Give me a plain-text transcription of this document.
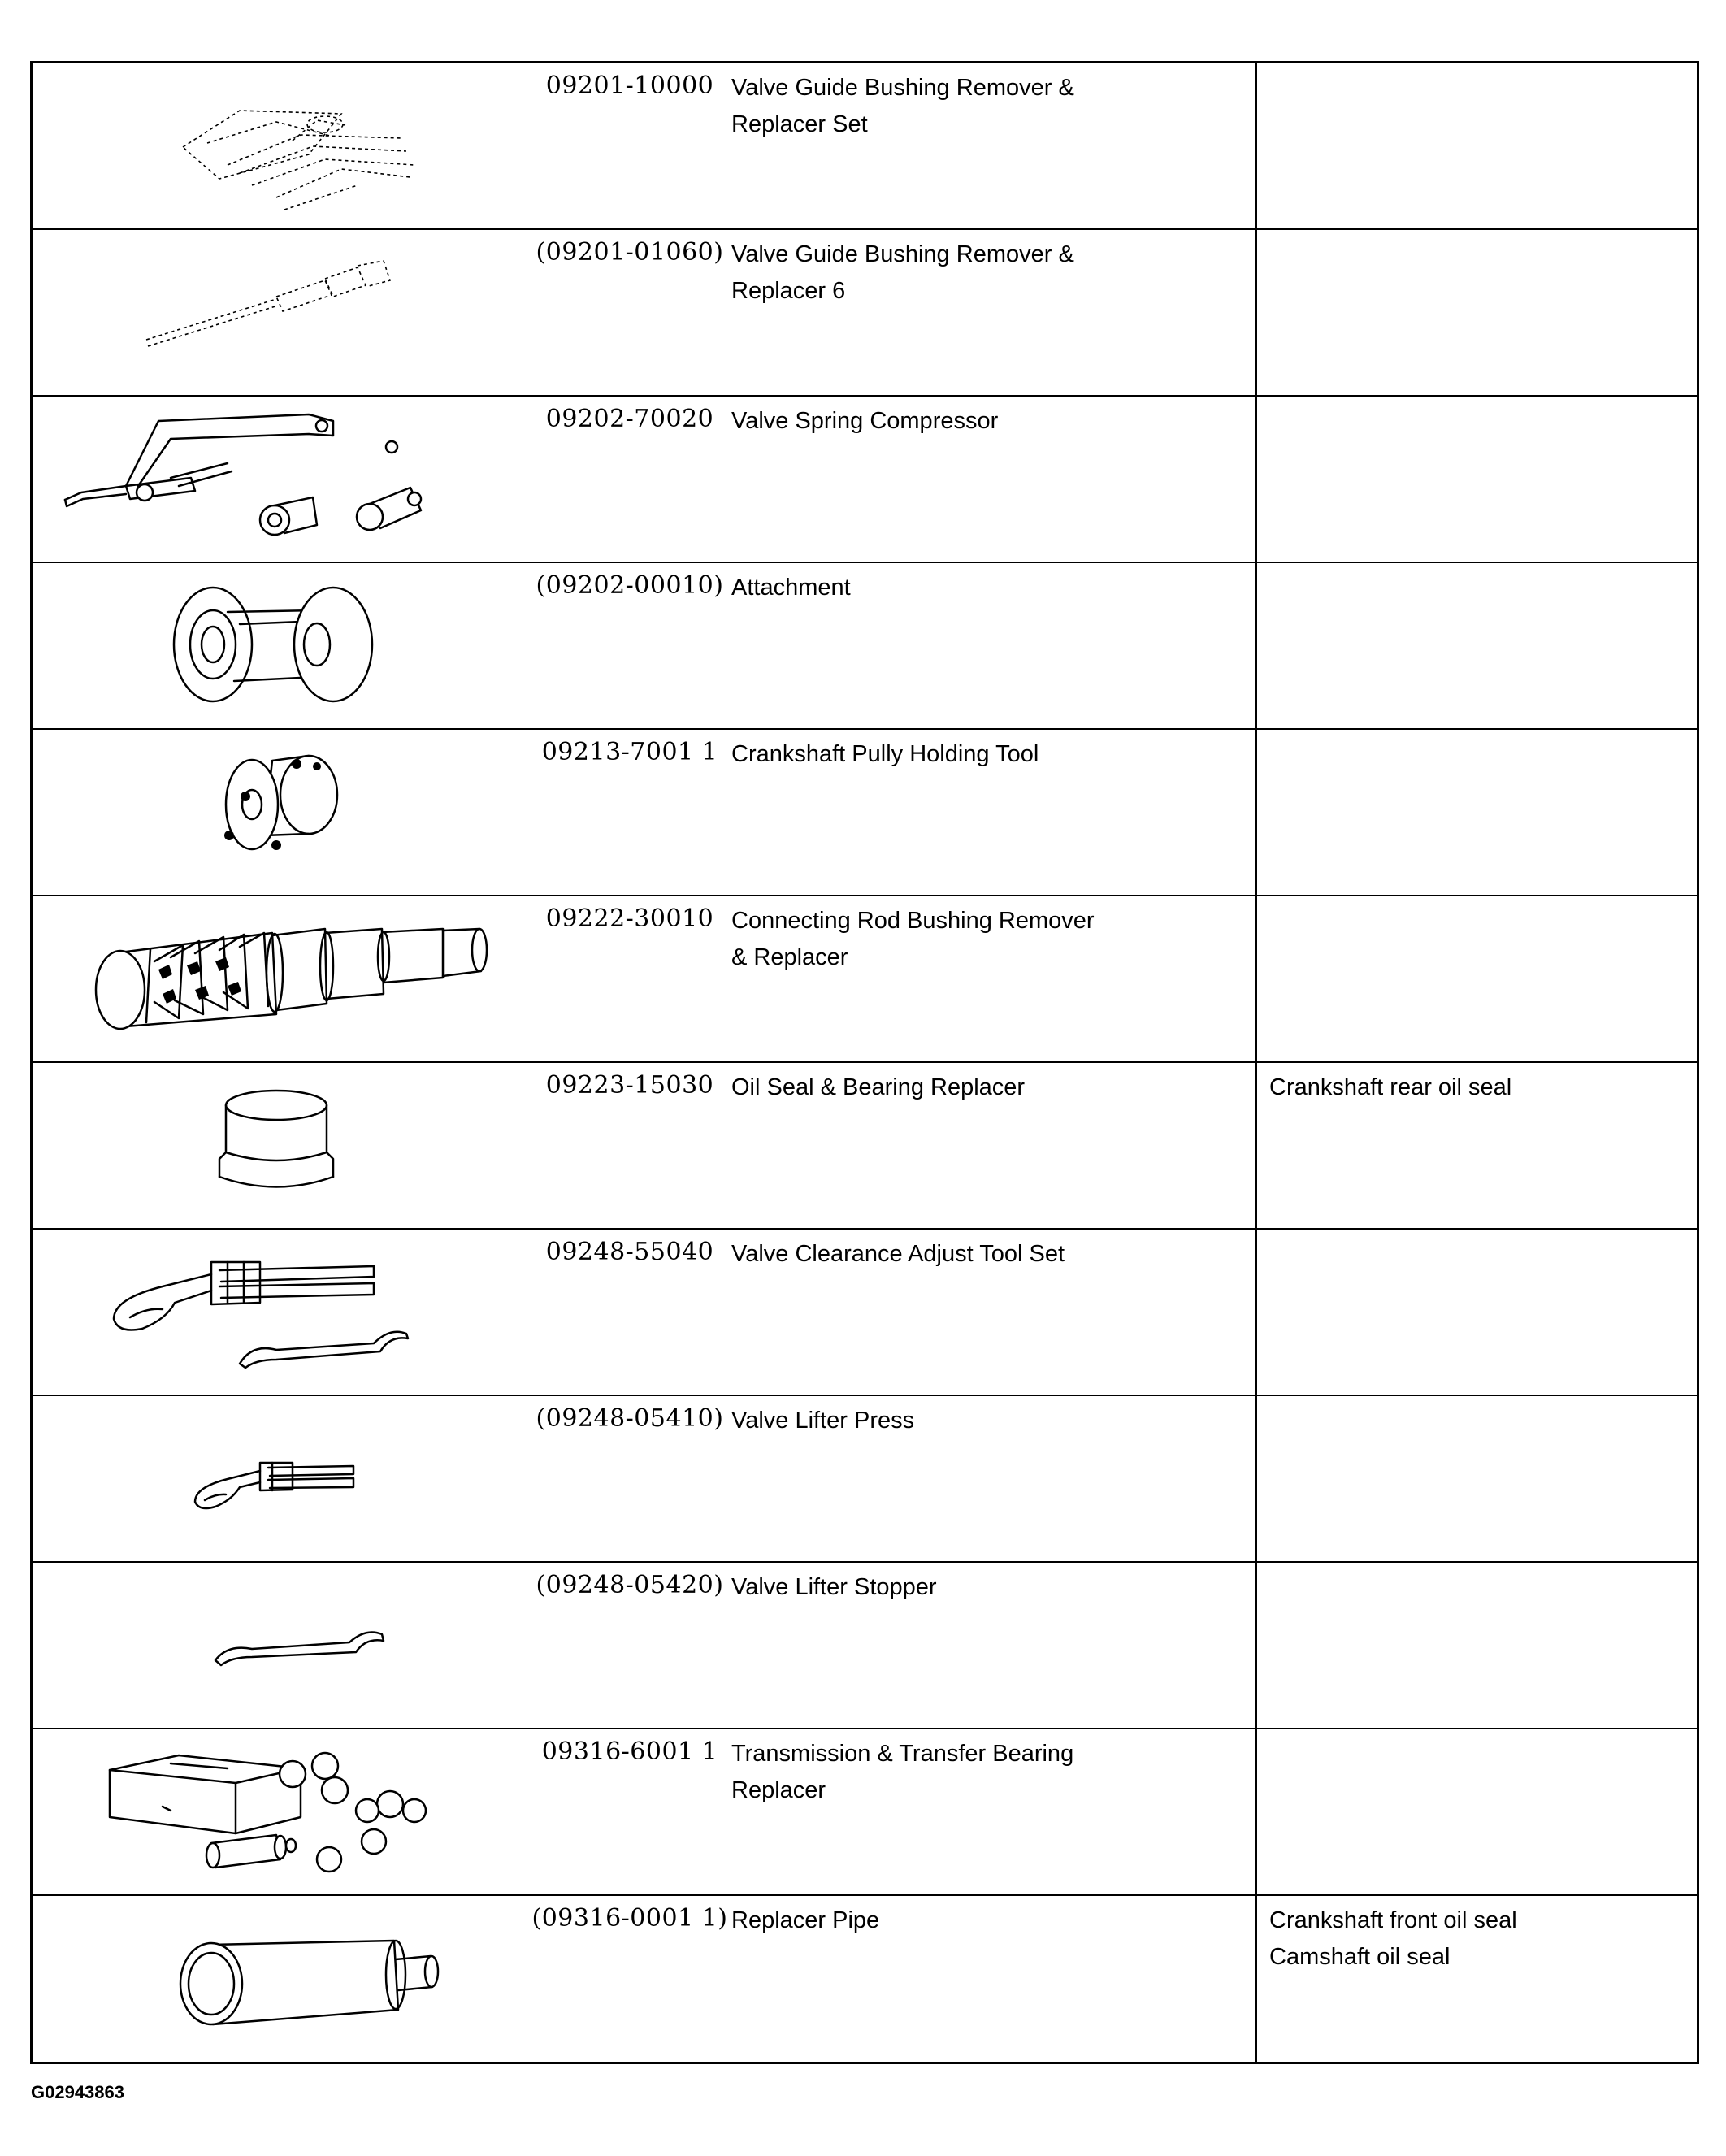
09201-10000 Valve Guide Bushing Remover &
Replacer Set
(09201-01060) Valve Guide Bushing Remover &
Replacer 6
09202-70020 Valve Spring Compressor
(09202-00010) Attachment
09213-7001 1 Crankshaft Pully Holding Tool
09222-30010 Connecting Rod Bushing Remover
& Replacer
09223-15030 Oil Seal & Bearing Replacer	Crankshaft rear oil seal
09248-55040 Valve Clearance Adjust Tool Set
(09248-05410) Valve Lifter Press
(09248-05420) Valve Lifter Stopper
09316-6001 1 Transmission & Transfer Bearing
Replacer
(09316-0001 1) Replacer Pipe	Crankshaft front oil seal
Camshaft oil seal
G02943863
